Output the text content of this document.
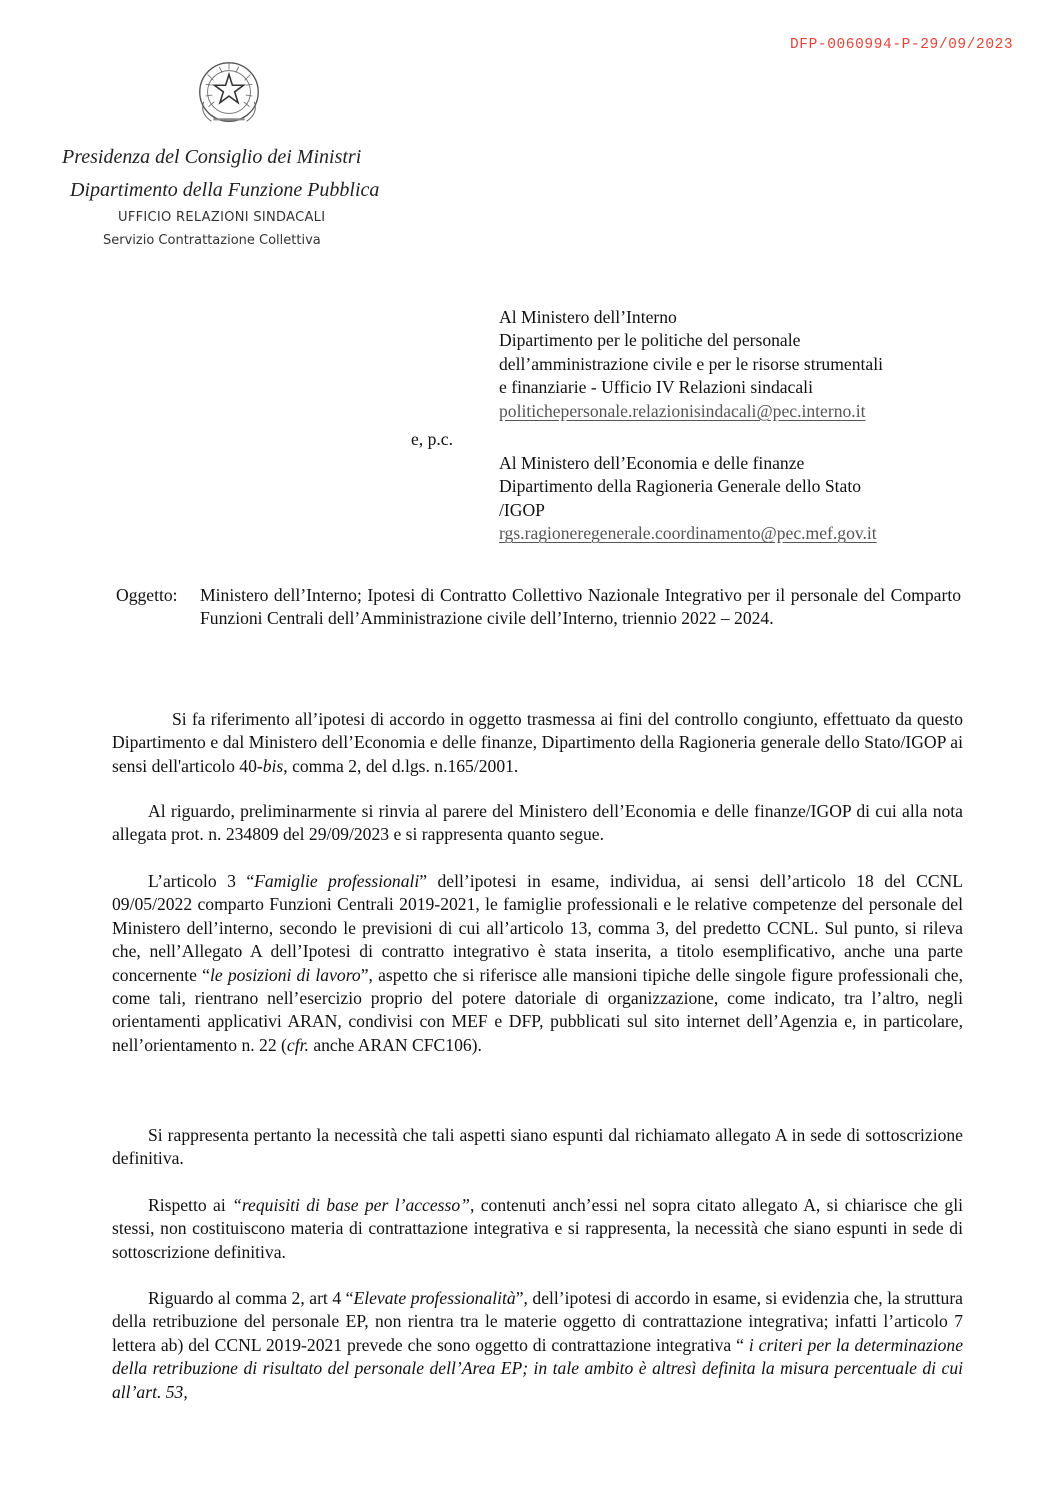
DFP-0060994-P-29/09/2023
Presidenza del Consiglio dei Ministri
Dipartimento della Funzione Pubblica
UFFICIO RELAZIONI SINDACALI
Servizio Contrattazione Collettiva
Al Ministero dell’Interno
Dipartimento per le politiche del personale
dell’amministrazione civile e per le risorse strumentali
e finanziarie - Ufficio IV Relazioni sindacali
politichepersonale.relazionisindacali@pec.interno.it
e, p.c.
Al Ministero dell’Economia e delle finanze
Dipartimento della Ragioneria Generale dello Stato
/IGOP
rgs.ragioneregenerale.coordinamento@pec.mef.gov.it
Oggetto: Ministero dell’Interno; Ipotesi di Contratto Collettivo Nazionale Integrativo per il personale del Comparto Funzioni Centrali dell’Amministrazione civile dell’Interno, triennio 2022 – 2024.

Si fa riferimento all’ipotesi di accordo in oggetto trasmessa ai fini del controllo congiunto, effettuato da questo Dipartimento e dal Ministero dell’Economia e delle finanze, Dipartimento della Ragioneria generale dello Stato/IGOP ai sensi dell'articolo 40-bis, comma 2, del d.lgs. n.165/2001.

Al riguardo, preliminarmente si rinvia al parere del Ministero dell’Economia e delle finanze/IGOP di cui alla nota allegata prot. n. 234809 del 29/09/2023 e si rappresenta quanto segue.

L’articolo 3 “Famiglie professionali” dell’ipotesi in esame, individua, ai sensi dell’articolo 18 del CCNL 09/05/2022 comparto Funzioni Centrali 2019-2021, le famiglie professionali e le relative competenze del personale del Ministero dell’interno, secondo le previsioni di cui all’articolo 13, comma 3, del predetto CCNL. Sul punto, si rileva che, nell’Allegato A dell’Ipotesi di contratto integrativo è stata inserita, a titolo esemplificativo, anche una parte concernente “le posizioni di lavoro”, aspetto che si riferisce alle mansioni tipiche delle singole figure professionali che, come tali, rientrano nell’esercizio proprio del potere datoriale di organizzazione, come indicato, tra l’altro, negli orientamenti applicativi ARAN, condivisi con MEF e DFP, pubblicati sul sito internet dell’Agenzia e, in particolare, nell’orientamento n. 22 (cfr. anche ARAN CFC106).

Si rappresenta pertanto la necessità che tali aspetti siano espunti dal richiamato allegato A in sede di sottoscrizione definitiva.

Rispetto ai “requisiti di base per l’accesso”, contenuti anch’essi nel sopra citato allegato A, si chiarisce che gli stessi, non costituiscono materia di contrattazione integrativa e si rappresenta, la necessità che siano espunti in sede di sottoscrizione definitiva.

Riguardo al comma 2, art 4 “Elevate professionalità”, dell’ipotesi di accordo in esame, si evidenzia che, la struttura della retribuzione del personale EP, non rientra tra le materie oggetto di contrattazione integrativa; infatti l’articolo 7 lettera ab) del CCNL 2019-2021 prevede che sono oggetto di contrattazione integrativa “ i criteri per la determinazione della retribuzione di risultato del personale dell’Area EP; in tale ambito è altresì definita la misura percentuale di cui all’art. 53,
